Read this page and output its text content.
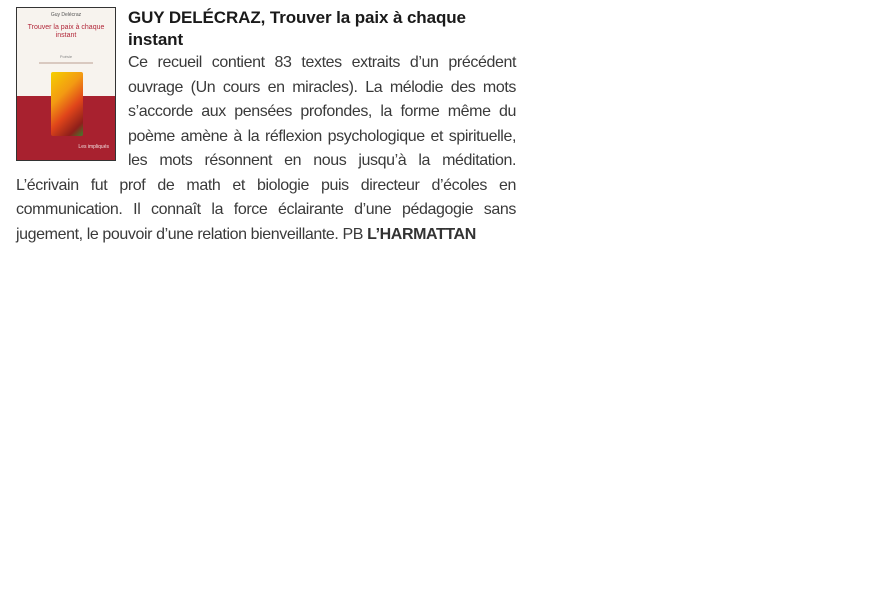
Guy Delécraz
Trouver la paix à chaque instant
Poésie
Les impliqués
GUY DELÉCRAZ, Trouver la paix à chaque instant
Ce recueil contient 83 textes extraits d’un précédent ouvrage (Un cours en miracles). La mélodie des mots s’accorde aux pensées profondes, la forme même du poème amène à la réflexion psychologique et spirituelle, les mots résonnent en nous jusqu’à la méditation. L’écrivain fut prof de math et biologie puis directeur d’écoles en communication. Il connaît la force éclairante d’une pédagogie sans jugement, le pouvoir d’une relation bienveillante. PB L’HARMATTAN
